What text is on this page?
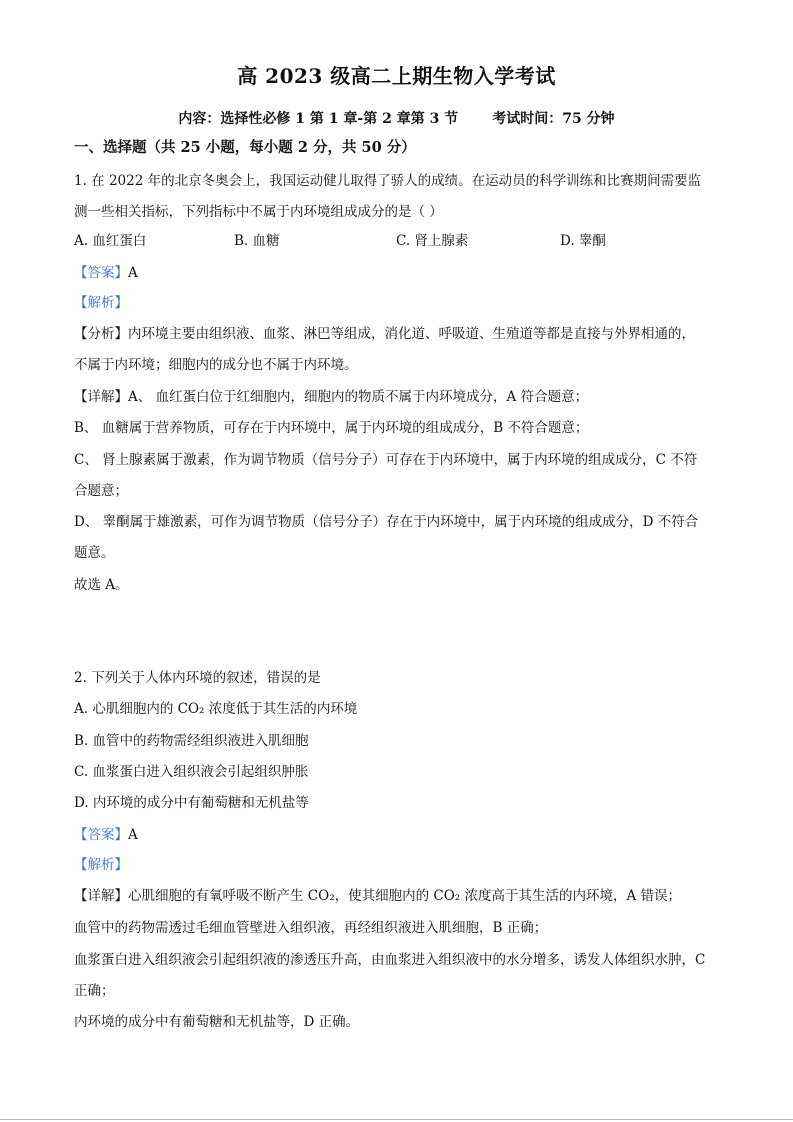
高 2023 级高二上期生物入学考试
内容：选择性必修 1 第 1 章-第 2 章第 3 节 考试时间：75 分钟
一、选择题（共 25 小题，每小题 2 分，共 50 分）
1. 在 2022 年的北京冬奥会上，我国运动健儿取得了骄人的成绩。在运动员的科学训练和比赛期间需要监
测一些相关指标，下列指标中不属于内环境组成成分的是（ ）
A. 血红蛋白	B. 血糖	C. 肾上腺素	D. 睾酮
【答案】A
【解析】
【分析】内环境主要由组织液、血浆、淋巴等组成，消化道、呼吸道、生殖道等都是直接与外界相通的，
不属于内环境；细胞内的成分也不属于内环境。
【详解】A、 血红蛋白位于红细胞内，细胞内的物质不属于内环境成分，A 符合题意；
B、 血糖属于营养物质，可存在于内环境中，属于内环境的组成成分，B 不符合题意；
C、 肾上腺素属于激素，作为调节物质（信号分子）可存在于内环境中，属于内环境的组成成分，C 不符
合题意；
D、 睾酮属于雄激素，可作为调节物质（信号分子）存在于内环境中，属于内环境的组成成分，D 不符合
题意。
故选 A。
2. 下列关于人体内环境的叙述，错误的是
A. 心肌细胞内的 CO₂ 浓度低于其生活的内环境
B. 血管中的药物需经组织液进入肌细胞
C. 血浆蛋白进入组织液会引起组织肿胀
D. 内环境的成分中有葡萄糖和无机盐等
【答案】A
【解析】
【详解】心肌细胞的有氧呼吸不断产生 CO₂，使其细胞内的 CO₂ 浓度高于其生活的内环境，A 错误；
血管中的药物需透过毛细血管壁进入组织液，再经组织液进入肌细胞，B 正确；
血浆蛋白进入组织液会引起组织液的渗透压升高，由血浆进入组织液中的水分增多，诱发人体组织水肿，C
正确；
内环境的成分中有葡萄糖和无机盐等，D 正确。
